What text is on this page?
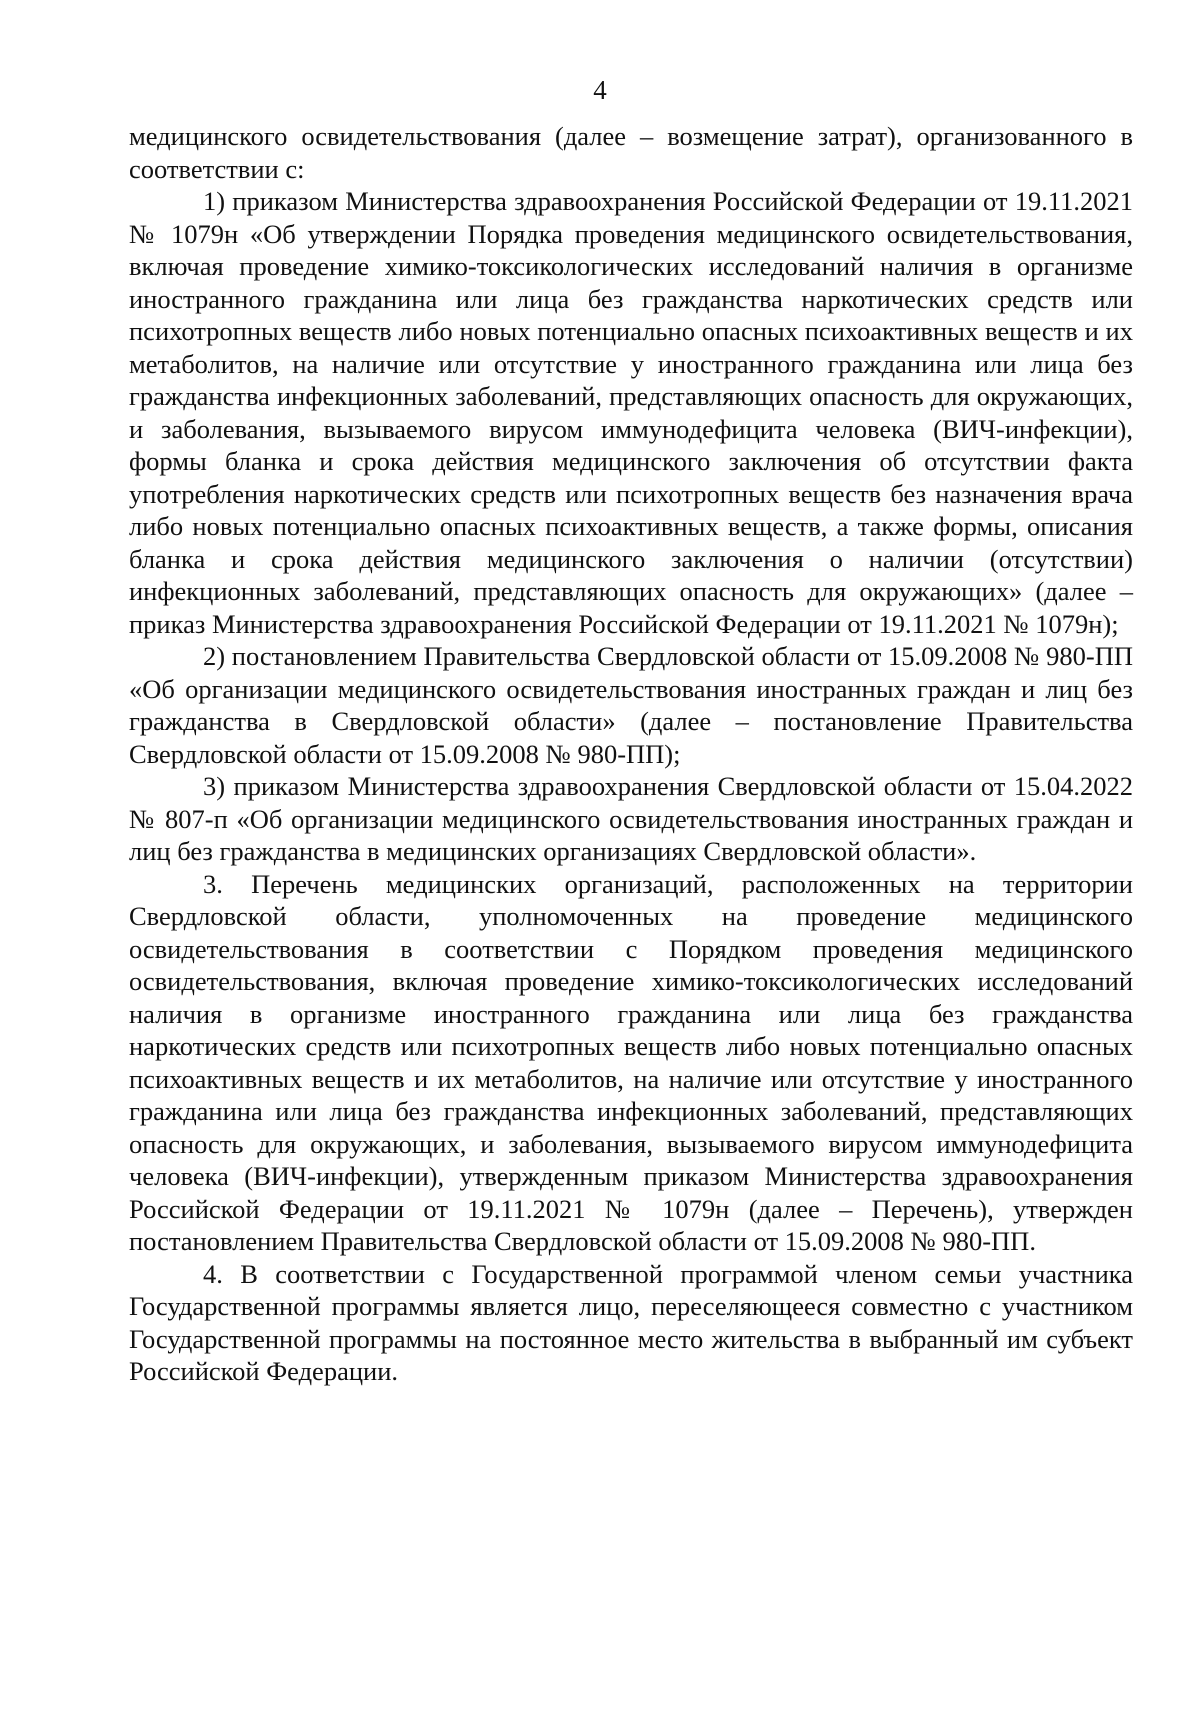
4

медицинского освидетельствования (далее – возмещение затрат), организованного в соответствии с:

1) приказом Министерства здравоохранения Российской Федерации от 19.11.2021 № 1079н «Об утверждении Порядка проведения медицинского освидетельствования, включая проведение химико-токсикологических исследований наличия в организме иностранного гражданина или лица без гражданства наркотических средств или психотропных веществ либо новых потенциально опасных психоактивных веществ и их метаболитов, на наличие или отсутствие у иностранного гражданина или лица без гражданства инфекционных заболеваний, представляющих опасность для окружающих, и заболевания, вызываемого вирусом иммунодефицита человека (ВИЧ-инфекции), формы бланка и срока действия медицинского заключения об отсутствии факта употребления наркотических средств или психотропных веществ без назначения врача либо новых потенциально опасных психоактивных веществ, а также формы, описания бланка и срока действия медицинского заключения о наличии (отсутствии) инфекционных заболеваний, представляющих опасность для окружающих» (далее – приказ Министерства здравоохранения Российской Федерации от 19.11.2021 № 1079н);

2) постановлением Правительства Свердловской области от 15.09.2008 № 980-ПП «Об организации медицинского освидетельствования иностранных граждан и лиц без гражданства в Свердловской области» (далее – постановление Правительства Свердловской области от 15.09.2008 № 980-ПП);

3) приказом Министерства здравоохранения Свердловской области от 15.04.2022 № 807-п «Об организации медицинского освидетельствования иностранных граждан и лиц без гражданства в медицинских организациях Свердловской области».

3. Перечень медицинских организаций, расположенных на территории Свердловской области, уполномоченных на проведение медицинского освидетельствования в соответствии с Порядком проведения медицинского освидетельствования, включая проведение химико-токсикологических исследований наличия в организме иностранного гражданина или лица без гражданства наркотических средств или психотропных веществ либо новых потенциально опасных психоактивных веществ и их метаболитов, на наличие или отсутствие у иностранного гражданина или лица без гражданства инфекционных заболеваний, представляющих опасность для окружающих, и заболевания, вызываемого вирусом иммунодефицита человека (ВИЧ-инфекции), утвержденным приказом Министерства здравоохранения Российской Федерации от 19.11.2021 № 1079н (далее – Перечень), утвержден постановлением Правительства Свердловской области от 15.09.2008 № 980-ПП.

4. В соответствии с Государственной программой членом семьи участника Государственной программы является лицо, переселяющееся совместно с участником Государственной программы на постоянное место жительства в выбранный им субъект Российской Федерации.
